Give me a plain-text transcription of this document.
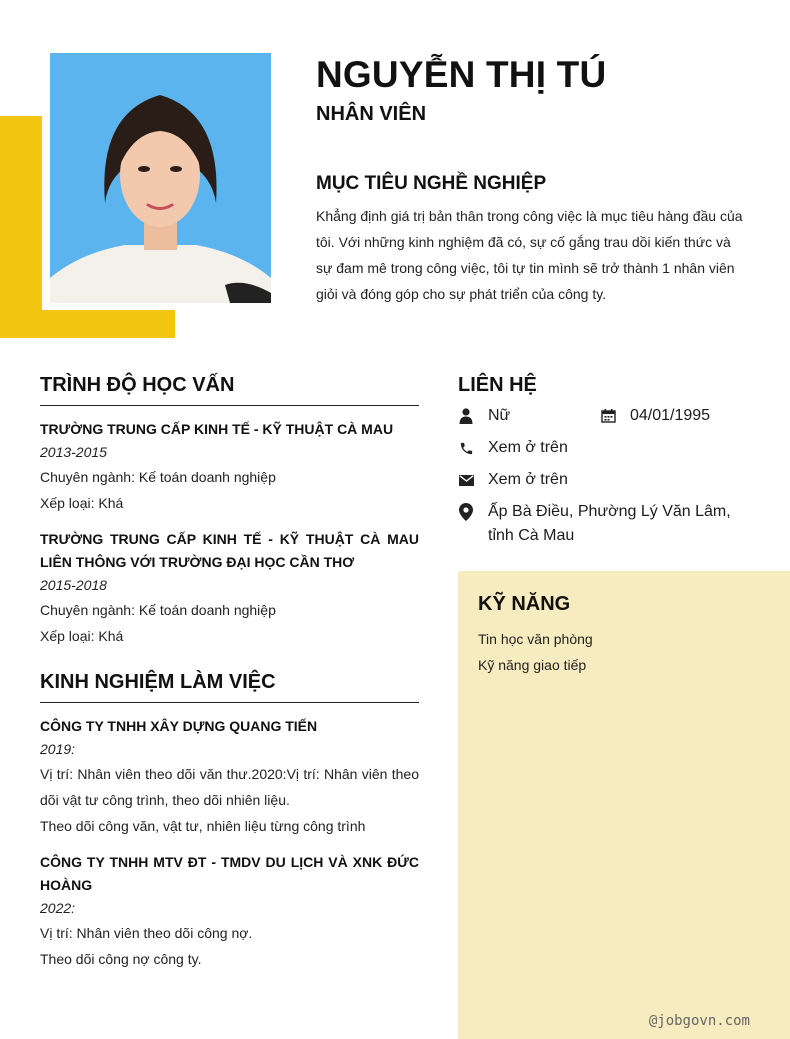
NGUYỄN THỊ TÚ
NHÂN VIÊN
MỤC TIÊU NGHỀ NGHIỆP
Khẳng định giá trị bản thân trong công việc là mục tiêu hàng đầu của tôi. Với những kinh nghiệm đã có, sự cố gắng trau dồi kiến thức và sự đam mê trong công việc, tôi tự tin mình sẽ trở thành 1 nhân viên giỏi và đóng góp cho sự phát triển của công ty.
TRÌNH ĐỘ HỌC VẤN
TRƯỜNG TRUNG CẤP KINH TẾ - KỸ THUẬT CÀ MAU
2013-2015
Chuyên ngành: Kế toán doanh nghiệp
Xếp loại: Khá
TRƯỜNG TRUNG CẤP KINH TẾ - KỸ THUẬT CÀ MAU LIÊN THÔNG VỚI TRƯỜNG ĐẠI HỌC CẦN THƠ
2015-2018
Chuyên ngành: Kế toán doanh nghiệp
Xếp loại: Khá
KINH NGHIỆM LÀM VIỆC
CÔNG TY TNHH XÂY DỰNG QUANG TIẾN
2019:
Vị trí: Nhân viên theo dõi văn thư.2020:Vị trí: Nhân viên theo dõi vật tư công trình, theo dõi nhiên liệu.
Theo dõi công văn, vật tư, nhiên liệu từng công trình
CÔNG TY TNHH MTV ĐT - TMDV DU LỊCH VÀ XNK ĐỨC HOÀNG
2022:
Vị trí: Nhân viên theo dõi công nợ.
Theo dõi công nợ công ty.
LIÊN HỆ
Nữ	04/01/1995
Xem ở trên
Xem ở trên
Ấp Bà Điều, Phường Lý Văn Lâm, tỉnh Cà Mau
KỸ NĂNG
Tin học văn phòng
Kỹ năng giao tiếp
@jobgovn.com
